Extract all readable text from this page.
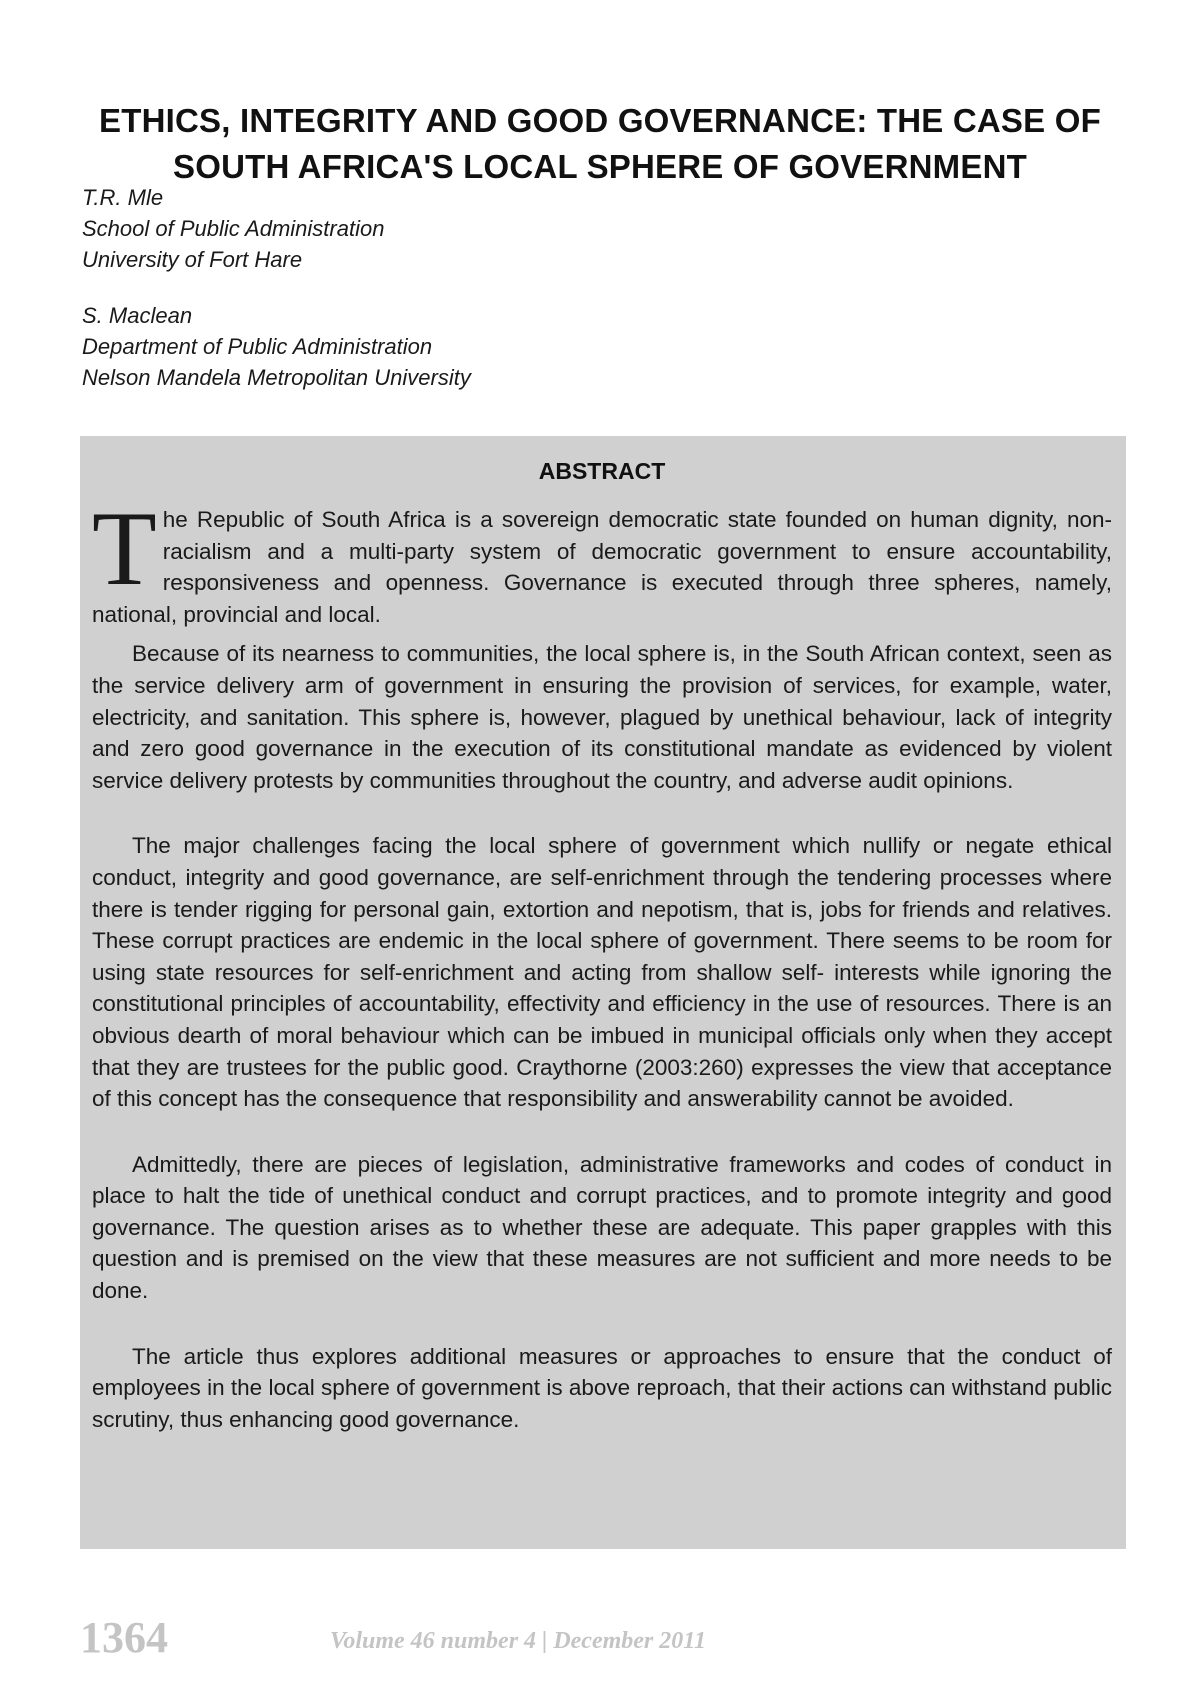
ETHICS, INTEGRITY AND GOOD GOVERNANCE: THE CASE OF SOUTH AFRICA'S LOCAL SPHERE OF GOVERNMENT
T.R. Mle
School of Public Administration
University of Fort Hare
S. Maclean
Department of Public Administration
Nelson Mandela Metropolitan University
ABSTRACT

The Republic of South Africa is a sovereign democratic state founded on human dignity, non-racialism and a multi-party system of democratic government to ensure accountability, responsiveness and openness. Governance is executed through three spheres, namely, national, provincial and local.

Because of its nearness to communities, the local sphere is, in the South African context, seen as the service delivery arm of government in ensuring the provision of services, for example, water, electricity, and sanitation. This sphere is, however, plagued by unethical behaviour, lack of integrity and zero good governance in the execution of its constitutional mandate as evidenced by violent service delivery protests by communities throughout the country, and adverse audit opinions.

The major challenges facing the local sphere of government which nullify or negate ethical conduct, integrity and good governance, are self-enrichment through the tendering processes where there is tender rigging for personal gain, extortion and nepotism, that is, jobs for friends and relatives. These corrupt practices are endemic in the local sphere of government. There seems to be room for using state resources for self-enrichment and acting from shallow self- interests while ignoring the constitutional principles of accountability, effectivity and efficiency in the use of resources. There is an obvious dearth of moral behaviour which can be imbued in municipal officials only when they accept that they are trustees for the public good. Craythorne (2003:260) expresses the view that acceptance of this concept has the consequence that responsibility and answerability cannot be avoided.

Admittedly, there are pieces of legislation, administrative frameworks and codes of conduct in place to halt the tide of unethical conduct and corrupt practices, and to promote integrity and good governance. The question arises as to whether these are adequate. This paper grapples with this question and is premised on the view that these measures are not sufficient and more needs to be done.

The article thus explores additional measures or approaches to ensure that the conduct of employees in the local sphere of government is above reproach, that their actions can withstand public scrutiny, thus enhancing good governance.

1364	Volume 46 number 4 | December 2011
